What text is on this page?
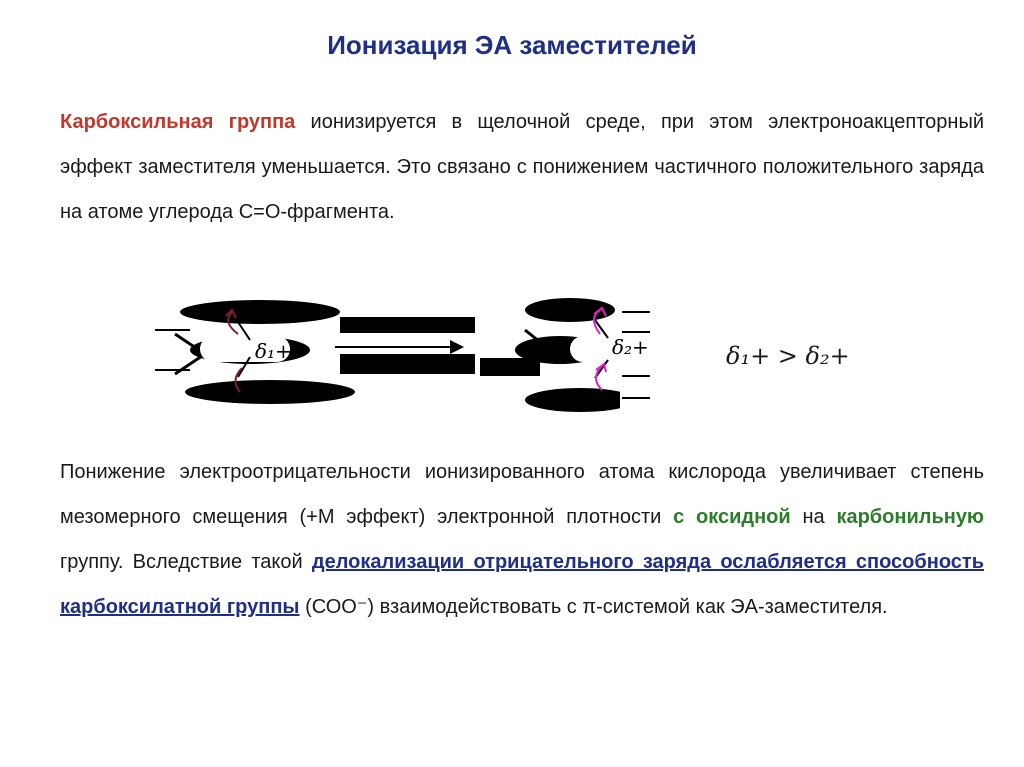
Ионизация ЭА заместителей
Карбоксильная группа ионизируется в щелочной среде, при этом электроноакцепторный эффект заместителя уменьшается. Это связано с понижением частичного положительного заряда на атоме углерода С=О-фрагмента.
δ₁+	δ₂+	δ₁+ > δ₂+
Понижение электроотрицательности ионизированного атома кислорода увеличивает степень мезомерного смещения (+М эффект) электронной плотности с оксидной на карбонильную группу. Вследствие такой делокализации отрицательного заряда ослабляется способность карбоксилатной группы (СОО⁻) взаимодействовать с π-системой как ЭА-заместителя.
